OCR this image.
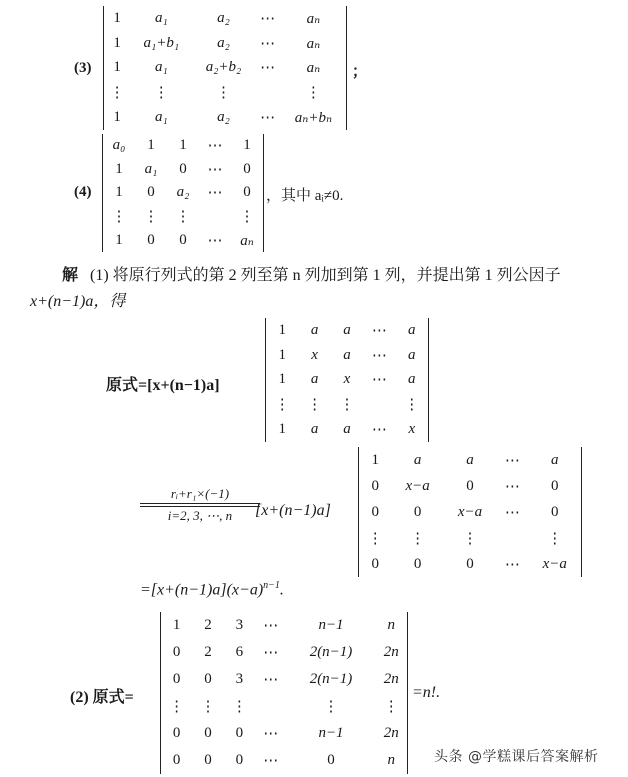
(3)
1	a₁	a₂	⋯	aₙ
1	a₁+b₁	a₂	⋯	aₙ
1	a₁	a₂+b₂	⋯	aₙ
⋮	⋮	⋮		⋮
1	a₁	a₂	⋯	aₙ+bₙ
；
(4)
a₀	1	1	⋯	1
1	a₁	0	⋯	0
1	0	a₂	⋯	0
⋮	⋮	⋮		⋮
1	0	0	⋯	aₙ
，其中 aᵢ≠0.
解 (1) 将原行列式的第 2 列至第 n 列加到第 1 列，并提出第 1 列公因子
x+(n−1)a，得
原式=[x+(n−1)a]
1	a	a	⋯	a
1	x	a	⋯	a
1	a	x	⋯	a
⋮	⋮	⋮		⋮
1	a	a	⋯	x
rᵢ+r₁×(−1)
i=2, 3, ⋯, n	[x+(n−1)a]
1	a	a	⋯	a
0	x−a	0	⋯	0
0	0	x−a	⋯	0
⋮	⋮	⋮		⋮
0	0	0	⋯	x−a
$=[x+(n-1)a](x-a)^{n-1}$.
(2) 原式=
1	2	3	⋯	n−1	n
0	2	6	⋯	2(n−1)	2n
0	0	3	⋯	2(n−1)	2n
⋮	⋮	⋮		⋮	⋮
0	0	0	⋯	n−1	2n
0	0	0	⋯	0	n
=n!.
头条 @学糕课后答案解析
